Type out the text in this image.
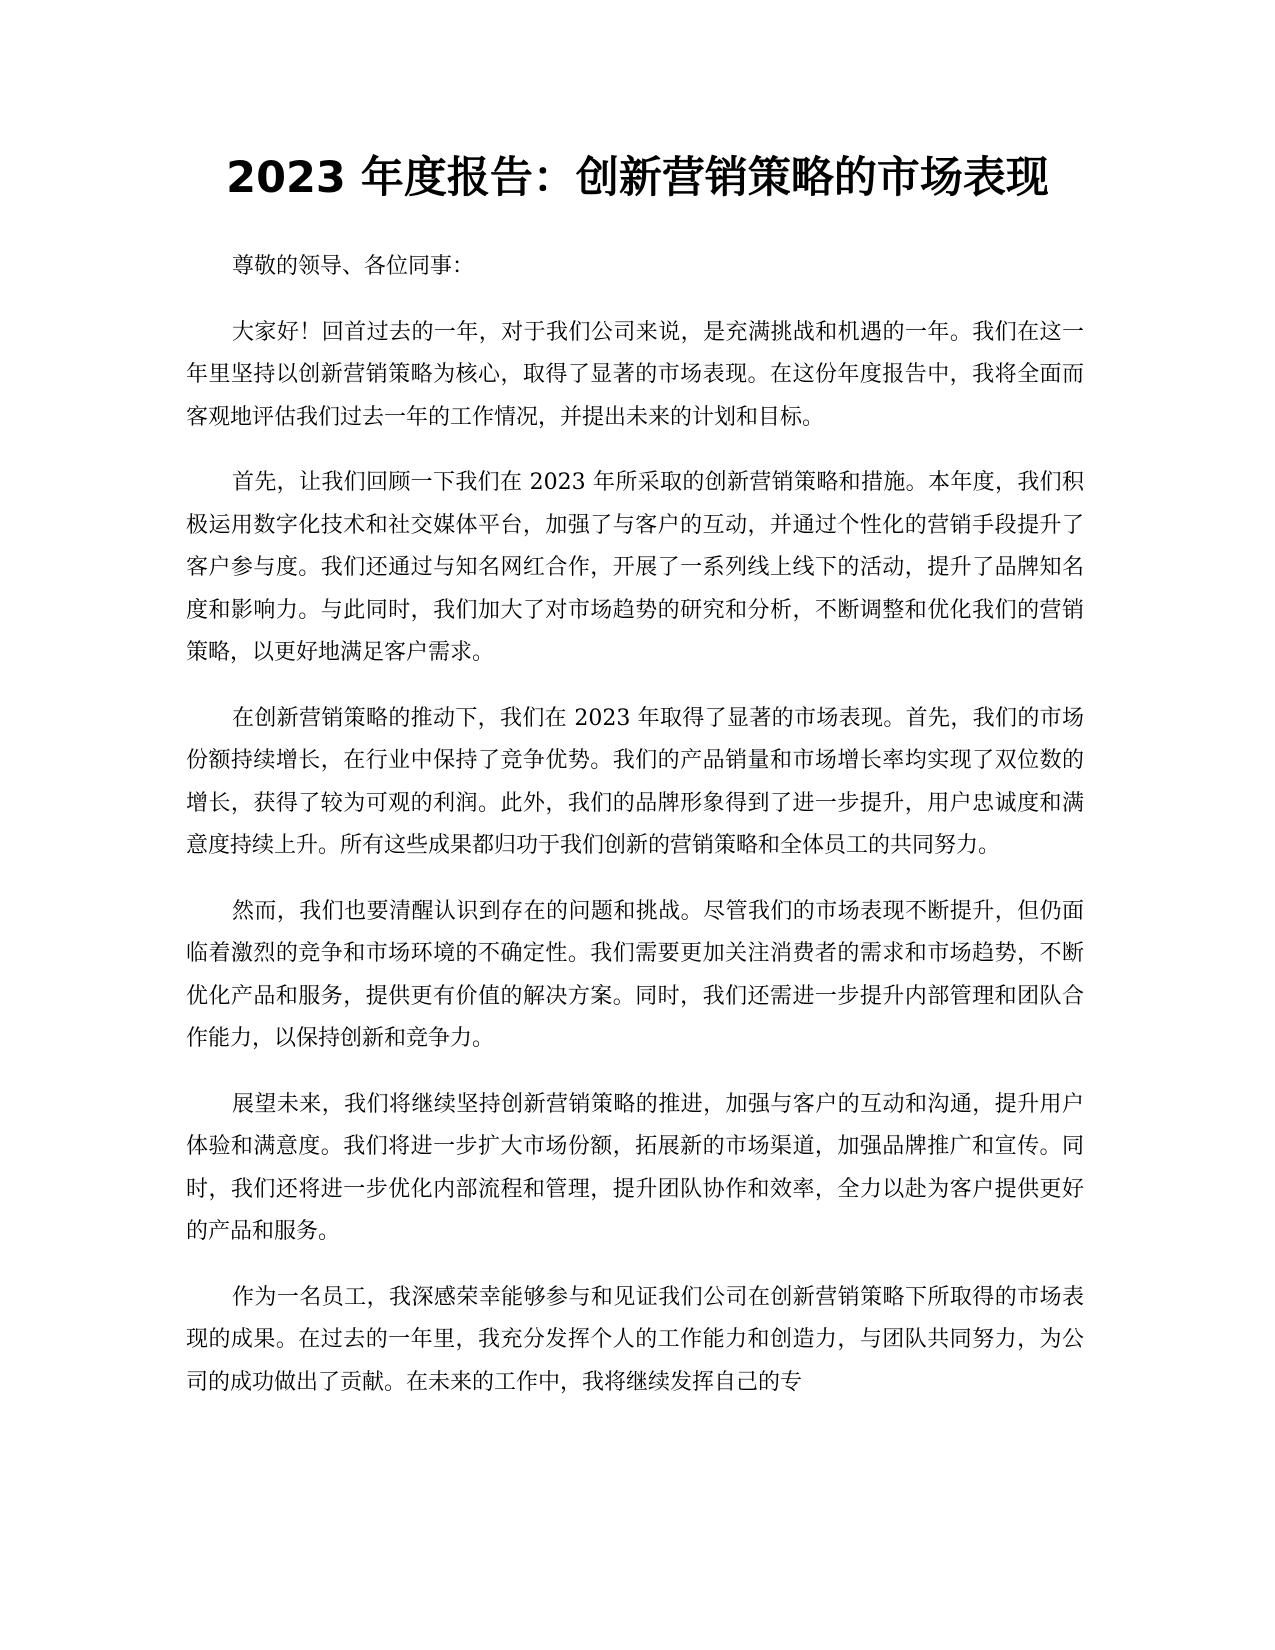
2023 年度报告：创新营销策略的市场表现

尊敬的领导、各位同事：

大家好！回首过去的一年，对于我们公司来说，是充满挑战和机遇的一年。我们在这一年里坚持以创新营销策略为核心，取得了显著的市场表现。在这份年度报告中，我将全面而客观地评估我们过去一年的工作情况，并提出未来的计划和目标。

首先，让我们回顾一下我们在 2023 年所采取的创新营销策略和措施。本年度，我们积极运用数字化技术和社交媒体平台，加强了与客户的互动，并通过个性化的营销手段提升了客户参与度。我们还通过与知名网红合作，开展了一系列线上线下的活动，提升了品牌知名度和影响力。与此同时，我们加大了对市场趋势的研究和分析，不断调整和优化我们的营销策略，以更好地满足客户需求。

在创新营销策略的推动下，我们在 2023 年取得了显著的市场表现。首先，我们的市场份额持续增长，在行业中保持了竞争优势。我们的产品销量和市场增长率均实现了双位数的增长，获得了较为可观的利润。此外，我们的品牌形象得到了进一步提升，用户忠诚度和满意度持续上升。所有这些成果都归功于我们创新的营销策略和全体员工的共同努力。

然而，我们也要清醒认识到存在的问题和挑战。尽管我们的市场表现不断提升，但仍面临着激烈的竞争和市场环境的不确定性。我们需要更加关注消费者的需求和市场趋势，不断优化产品和服务，提供更有价值的解决方案。同时，我们还需进一步提升内部管理和团队合作能力，以保持创新和竞争力。

展望未来，我们将继续坚持创新营销策略的推进，加强与客户的互动和沟通，提升用户体验和满意度。我们将进一步扩大市场份额，拓展新的市场渠道，加强品牌推广和宣传。同时，我们还将进一步优化内部流程和管理，提升团队协作和效率，全力以赴为客户提供更好的产品和服务。

作为一名员工，我深感荣幸能够参与和见证我们公司在创新营销策略下所取得的市场表现的成果。在过去的一年里，我充分发挥个人的工作能力和创造力，与团队共同努力，为公司的成功做出了贡献。在未来的工作中，我将继续发挥自己的专
